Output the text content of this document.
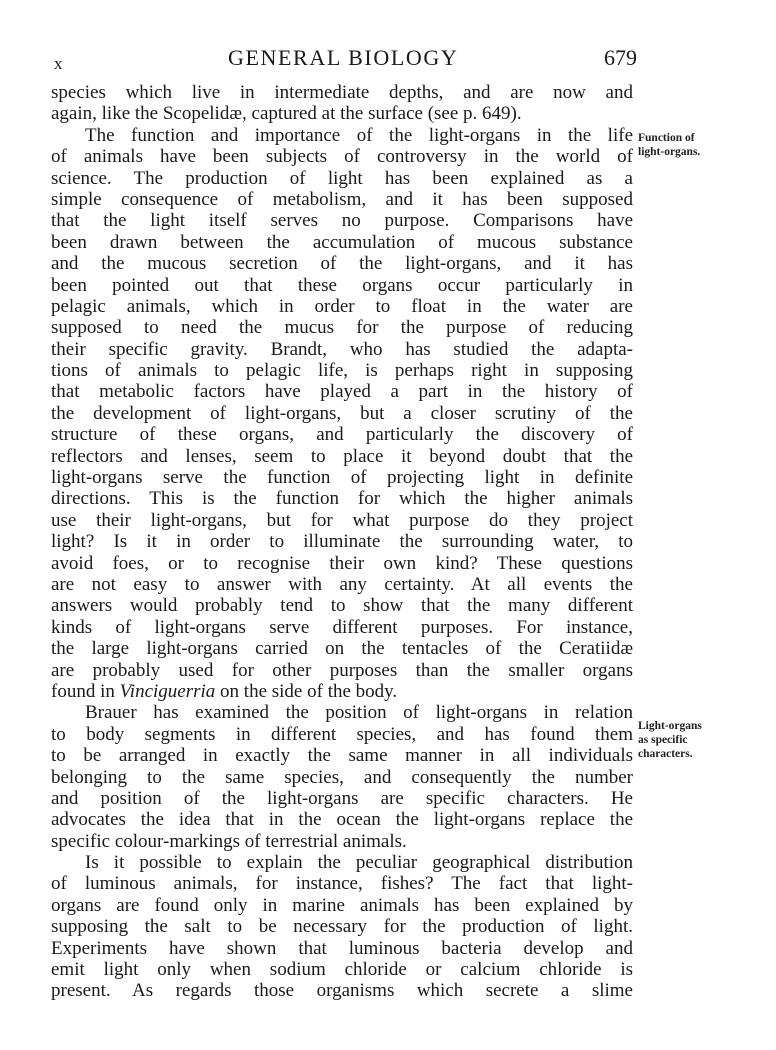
x	GENERAL BIOLOGY	679
species which live in intermediate depths, and are now and
again, like the Scopelidæ, captured at the surface (see p. 649).
The function and importance of the light-organs in the life
of animals have been subjects of controversy in the world of
science. The production of light has been explained as a
simple consequence of metabolism, and it has been supposed
that the light itself serves no purpose. Comparisons have
been drawn between the accumulation of mucous substance
and the mucous secretion of the light-organs, and it has
been pointed out that these organs occur particularly in
pelagic animals, which in order to float in the water are
supposed to need the mucus for the purpose of reducing
their specific gravity. Brandt, who has studied the adapta-
tions of animals to pelagic life, is perhaps right in supposing
that metabolic factors have played a part in the history of
the development of light-organs, but a closer scrutiny of the
structure of these organs, and particularly the discovery of
reflectors and lenses, seem to place it beyond doubt that the
light-organs serve the function of projecting light in definite
directions. This is the function for which the higher animals
use their light-organs, but for what purpose do they project
light? Is it in order to illuminate the surrounding water, to
avoid foes, or to recognise their own kind? These questions
are not easy to answer with any certainty. At all events the
answers would probably tend to show that the many different
kinds of light-organs serve different purposes. For instance,
the large light-organs carried on the tentacles of the Ceratiidæ
are probably used for other purposes than the smaller organs
found in Vinciguerria on the side of the body.
Brauer has examined the position of light-organs in relation
to body segments in different species, and has found them
to be arranged in exactly the same manner in all individuals
belonging to the same species, and consequently the number
and position of the light-organs are specific characters. He
advocates the idea that in the ocean the light-organs replace the
specific colour-markings of terrestrial animals.
Is it possible to explain the peculiar geographical distribution
of luminous animals, for instance, fishes? The fact that light-
organs are found only in marine animals has been explained by
supposing the salt to be necessary for the production of light.
Experiments have shown that luminous bacteria develop and
emit light only when sodium chloride or calcium chloride is
present. As regards those organisms which secrete a slime
Function of
light-organs.
Light-organs
as specific
characters.
